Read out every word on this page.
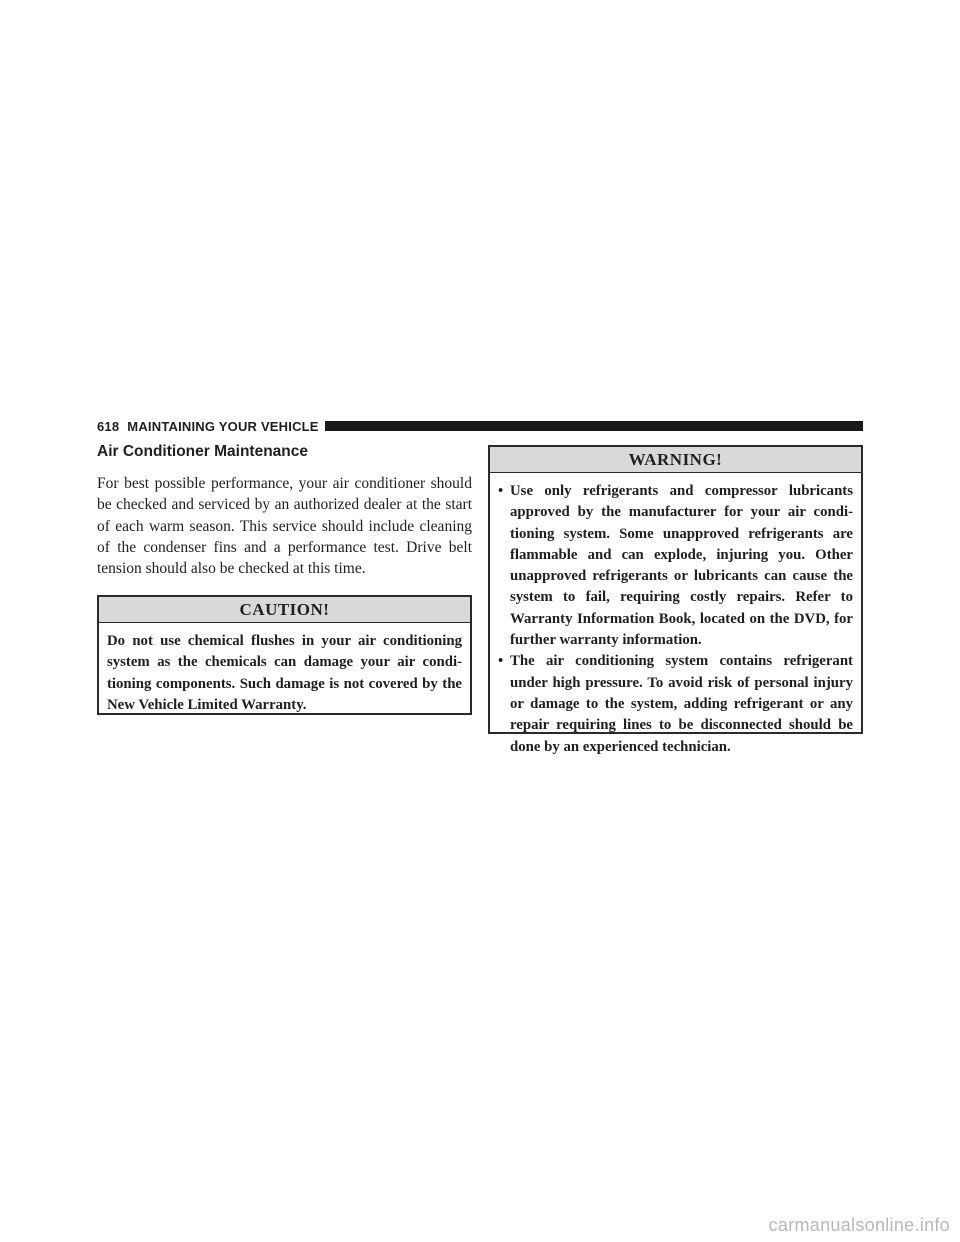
618 MAINTAINING YOUR VEHICLE
Air Conditioner Maintenance

For best possible performance, your air conditioner should be checked and serviced by an authorized dealer at the start of each warm season. This service should include cleaning of the condenser fins and a performance test. Drive belt tension should also be checked at this time.

CAUTION!

Do not use chemical flushes in your air conditioning system as the chemicals can damage your air condi-tioning components. Such damage is not covered by the New Vehicle Limited Warranty.

WARNING!
• Use only refrigerants and compressor lubricants approved by the manufacturer for your air condi-tioning system. Some unapproved refrigerants are flammable and can explode, injuring you. Other unapproved refrigerants or lubricants can cause the system to fail, requiring costly repairs. Refer to Warranty Information Book, located on the DVD, for further warranty information.
• The air conditioning system contains refrigerant under high pressure. To avoid risk of personal injury or damage to the system, adding refrigerant or any repair requiring lines to be disconnected should be done by an experienced technician.
carmanualsonline.info
